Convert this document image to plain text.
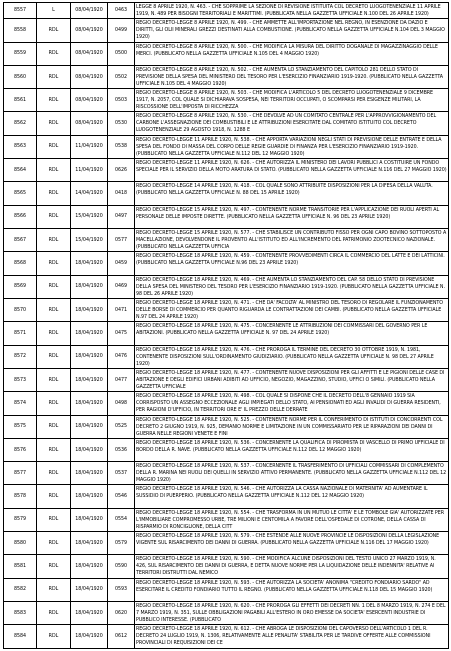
8557	L	08/04/1920	0463	LEGGE 8 APRILE 1920, N. 463. - CHE SOPPRIME LA SEZIONE DI REVISIONE ISTITUITA COL DECRETO LUOGOTENENZIALE 11 APRILE 1919, N. 489 PER BISOGNI TERRITORIALI E MARITTIMI. (PUBBLICATA NELLA GAZZETTA UFFICIALE N.100 DEL 26 APRILE 1920)

8558	RDL	08/04/1920	0499	REGIO DECRETO-LEGGE 8 APRILE 1920, N. 499. - CHE AMMETTE ALL'IMPORTAZIONE NEL REGNO, IN ESENZIONE DA DAZIO E DIRITTI, GLI OLII MINERALI GREZZI DESTINATI ALLA COMBUSTIONE. (PUBBLICATO NELLA GAZZETTA UFFICIALE N.104 DEL 3 MAGGIO 1920)

8559	RDL	08/04/1920	0500	REGIO DECRETO-LEGGE 8 APRILE 1920, N. 500. - CHE MODIFICA LA MISURA DEL DIRITTO DOGANALE DI MAGAZZINAGGIO DELLE MERCI. (PUBBLICATO NELLA GAZZETTA UFFICIALE N.105 DEL 4 MAGGIO 1920)

8560	RDL	08/04/1920	0502	REGIO DECRETO-LEGGE 8 APRILE 1920, N. 502. - CHE AUMENTA LO STANZIAMENTO DEL CAPITOLO 281 DELLO STATO DI PREVISIONE DELLA SPESA DEL MINISTERO DEL TESORO PER L'ESERCIZIO FINANZIARIO 1919-1920. (PUBBLICATO NELLA GAZZETTA UFFICIALE N.105 DEL 4 MAGGIO 1920)

8561	RDL	08/04/1920	0503	REGIO DECRETO-LEGGE 8 APRILE 1920, N. 503. - CHE MODIFICA L'ARTICOLO 5 DEL DECRETO LUOGOTENENZIALE 9 DICEMBRE 1917, N. 2057, COL QUALE SI DICHIARAVA SOSPESA, NEI TERRITORI OCCUPATI, O SCOMPARSI PER ESIGENZE MILITARI, LA RISCOSSIONE DELL'IMPOSTA DI RICCHEZZA

8562	RDL	08/04/1920	0530	REGIO DECRETO-LEGGE 8 APRILE 1920, N. 530. - CHE DEVOLVE AD UN COMITATO CENTRALE PER L'APPROVVIGIONAMENTO DEL CARBONE L'ASSEGNAZIONE DEI COMBUSTIBILI E LE ATTRIBUZIONI ESERCITATE DAL COMITATO ISTITUITO COL DECRETO LUOGOTENENZIALE 29 AGOSTO 1918, N. 1288 E

8563	RDL	11/04/1920	0538	REGIO DECRETO-LEGGE 11 APRILE 1920, N. 538. - CHE APPORTA VARIAZIONI NEGLI STATI DI PREVISIONE DELLE ENTRATE E DELLA SPESA DEL FONDO DI MASSA DEL CORPO DELLE REGIE GUARDIE DI FINANZA PER L'ESERCIZIO FINANZIARIO 1919-1920. (PUBBLICATO NELLA GAZZETTA UFFICIALE N.112 DEL 12 MAGGIO 1920)

8564	RDL	11/04/1920	0626	REGIO DECRETO-LEGGE 11 APRILE 1920, N. 626. - CHE AUTORIZZA IL MINISTERO DEI LAVORI PUBBLICI A COSTITUIRE UN FONDO SPECIALE PER IL SERVIZIO DELLA MOTO ARATURA DI STATO. (PUBBLICATO NELLA GAZZETTA UFFICIALE N.116 DEL 27 MAGGIO 1920)

8565	RDL	14/04/1920	0418	REGIO DECRETO-LEGGE 14 APRILE 1920, N. 418. - COL QUALE SONO ATTRIBUITE DISPOSIZIONI PER LA DIFESA DELLA VALUTA. (PUBBLICATO NELLA GAZZETTA UFFICIALE N. 88 DEL 15 APRILE 1920)

8566	RDL	15/04/1920	0497	REGIO DECRETO-LEGGE 15 APRILE 1920, N. 497. - CONTENENTE NORME TRANSITORIE PER L'APPLICAZIONE DEI RUOLI APERTI AL PERSONALE DELLE IMPOSTE DIRETTE. (PUBBLICATO NELLA GAZZETTA UFFICIALE N. 96 DEL 23 APRILE 1920)

8567	RDL	15/04/1920	0577	REGIO DECRETO-LEGGE 15 APRILE 1920, N. 577. - CHE STABILISCE UN CONTRIBUTO FISSO PER OGNI CAPO BOVINO SOTTOPOSTO A MACELLAZIONE, DEVOLVENDONE IL PROVENTO ALL'ISTITUTO ED ALL'INCREMENTO DEL PATRIMONIO ZOOTECNICO NAZIONALE. (PUBBLICATO NELLA GAZZETTA UFFICIA

8568	RDL	18/04/1920	0459	REGIO DECRETO-LEGGE 18 APRILE 1920, N. 459. - CONTENENTE PROVVEDIMENTI CIRCA IL COMMERCIO DEL LATTE E DEI LATTICINI. (PUBBLICATO NELLA GAZZETTA UFFICIALE N.96 DEL 23 APRILE 1920)

8569	RDL	18/04/1920	0469	REGIO DECRETO-LEGGE 18 APRILE 1920, N. 469. - CHE AUMENTA LO STANZIAMENTO DEL CAP. 58 DELLO STATO DI PREVISIONE DELLA SPESA DEL MINISTERO DEL TESORO PER L'ESERCIZIO FINANZIARIO 1919-1920. (PUBBLICATO NELLA GAZZETTA UFFICIALE N. 98 DEL 26 APRILE 1920)

8570	RDL	18/04/1920	0471	REGIO DECRETO-LEGGE 18 APRILE 1920, N. 471. - CHE DA' FACOLTA' AL MINISTRO DEL TESORO DI REGOLARE IL FUNZIONAMENTO DELLE BORSE DI COMMERCIO PER QUANTO RIGUARDA LE CONTRATTAZIONI DEI CAMBI. (PUBBLICATO NELLA GAZZETTA UFFICIALE N.97 DEL 24 APRILE 1920)

8571	RDL	18/04/1920	0475	REGIO DECRETO-LEGGE 18 APRILE 1920, N. 475. - CONCERNENTE LE ATTRIBUZIONI DEI COMMISSARI DEL GOVERNO PER LE ABITAZIONI. (PUBBLICATO NELLA GAZZETTA UFFICIALE N. 97 DEL 24 APRILE 1920)

8572	RDL	18/04/1920	0476	REGIO DECRETO-LEGGE 18 APRILE 1920, N. 476. - CHE PROROGA IL TERMINE DEL DECRETO 30 OTTOBRE 1919, N. 1981, CONTENENTE DISPOSIZIONI SULL'ORDINAMENTO GIUDIZIARIO. (PUBBLICATO NELLA GAZZETTA UFFICIALE N. 98 DEL 27 APRILE 1920)

8573	RDL	18/04/1920	0477	REGIO DECRETO-LEGGE 18 APRILE 1920, N. 477. - CONTENENTE NUOVE DISPOSIZIONI PER GLI AFFITTI E LE PIGIONI DELLE CASE DI ABITAZIONE E DEGLI EDIFICI URBANI ADIBITI AD UFFICIO, NEGOZIO, MAGAZZINO, STUDIO, UFFICI O SIMILI. (PUBBLICATO NELLA GAZZETTA UFFICIALE

8574	RDL	18/04/1920	0498	REGIO DECRETO-LEGGE 18 APRILE 1920, N. 498. - COL QUALE SI DISPONE CHE IL DECRETO DELL'8 GENNAIO 1919 SIA CORRISPOSTO UN ASSEGNO ECCEZIONALE AGLI IMPIEGATI DELLO STATO, AI PENSIONATI ED AGLI INVALIDI DI GUERRA RESIDENTI, PER RAGIONI D'UFFICIO, IN TERRITORI ORE E' IL PREZZO DELLE DERRATE

8575	RDL	18/04/1920	0525	REGIO DECRETO-LEGGE 18 APRILE 1920, N. 525. - CONTENENTE NORME PER IL CONFERIMENTO DI ISTITUTI DI CONCORRENTI COL DECRETO 2 GIUGNO 1919, N. 925, DEMANIO NORME E LIMITAZIONE IN UN COMMISSARIATO PER LE RIPARAZIONI DEI DANNI DI GUERRA NELLE REGIONI VENETE E FINI

8576	RDL	18/04/1920	0536	REGIO DECRETO-LEGGE 18 APRILE 1920, N. 536. - CONCERNENTE LA QUALIFICA DI PIROMISTA DI VASCELLO DI PRIMO UFFICIALE DI BORDO DELLA R. NAVE. (PUBBLICATO NELLA GAZZETTA UFFICIALE N.112 DEL 12 MAGGIO 1920)

8577	RDL	18/04/1920	0537	REGIO DECRETO-LEGGE 18 APRILE 1920, N. 537. - CONCERNENTE IL TRASFERIMENTO DI UFFICIALI COMMISSARI DI COMPLEMENTO DELLA R. MARINA NEI RUOLI DEI QUELLI IN SERVIZIO ATTIVO PERMANENTE. (PUBBLICATO NELLA GAZZETTA UFFICIALE N.112 DEL 12 MAGGIO 1920)

8578	RDL	18/04/1920	0546	REGIO DECRETO-LEGGE 18 APRILE 1920, N. 546. - CHE AUTORIZZA LA CASSA NAZIONALE DI MATERNITA' AD AUMENTARE IL SUSSIDIO DI PUERPERIO. (PUBBLICATO NELLA GAZZETTA UFFICIALE N.112 DEL 12 MAGGIO 1920)

8579	RDL	18/04/1920	0554	REGIO DECRETO-LEGGE 18 APRILE 1920, N. 554. - CHE TRASFORMA IN UN MUTUO LE CITTA' E LE TOMBOLE GIA' AUTORIZZATE PER L'IMMOBILIARE COMPROMESSO URBE, TRE MILIONI E CENTOMILA A FAVORE DELL'OSPEDALE DI COTRONE, DELLA CASSA DI RISPARMIO DI RONCIGLIONE, DELLA CITT

8580	RDL	18/04/1920	0579	REGIO DECRETO-LEGGE 18 APRILE 1920, N. 579. - CHE ESTENDE ALLE NUOVE PROVINCIE LE DISPOSIZIONI DELLA LEGISLAZIONE VIGENTE SUL RISARCIMENTO DEI DANNI DI GUERRA. (PUBBLICATO NELLA GAZZETTA UFFICIALE N.116 DEL 17 MAGGIO 1920)

8581	RDL	18/04/1920	0590	REGIO DECRETO-LEGGE 18 APRILE 1920, N. 590. - CHE MODIFICA ALCUNE DISPOSIZIONI DEL TESTO UNICO 27 MARZO 1919, N. 426, SUL RISARCIMENTO DEI DANNI DI GUERRA, E DETTA NUOVE NORME PER LA LIQUIDAZIONE DELLE INDENNITA' RELATIVE AI TERRITORI DISTRUTTI DAL NEMICO

8582	RDL	18/04/1920	0593	REGIO DECRETO-LEGGE 18 APRILE 1920, N. 593. - CHE AUTORIZZA LA SOCIETA' ANONIMA "CREDITO FONDIARIO SARDO" AD ESERCITARE IL CREDITO FONDIARIO TUTTO IL REGNO. (PUBBLICATO NELLA GAZZETTA UFFICIALE N.118 DEL 15 MAGGIO 1920)

8583	RDL	18/04/1920	0620	REGIO DECRETO-LEGGE 18 APRILE 1920, N. 620. - CHE PROROGA GLI EFFETTI DEI DECRETI NN. 1 DEL 8 MARZO 1919, N. 274 E DEL 7 MARZO 1919, N. 351, SULLE OBBLIGAZIONI PAGABILI ALL'ESTERO IN ORO EMESSE DA SOCIETA' ESERCENTI INDUSTRIE DI PUBBLICO INTERESSE. (PUBBLICATO

8584	RDL	18/04/1920	0612	REGIO DECRETO-LEGGE 18 APRILE 1920, N. 612. - CHE ABROGA LE DISPOSIZIONI DEL CAPOVERSO DELL'ARTICOLO 1 DEL R. DECRETO 24 LUGLIO 1919, N. 1306, RELATIVAMENTE ALLE PENALITA' STABILITA PER LE TARDIVE OFFERTE ALLE COMMISSIONI PROVINCIALI DI REQUISIZIONI DEI CE
